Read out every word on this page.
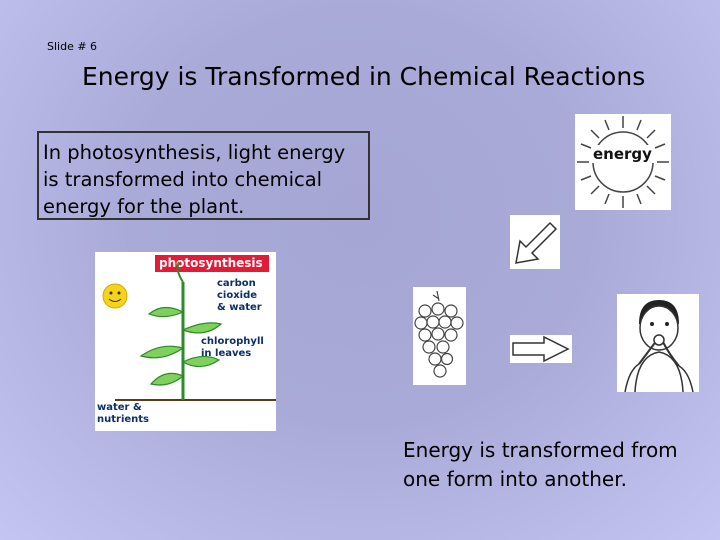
Slide # 6
Energy is Transformed in Chemical Reactions
In photosynthesis, light energy is transformed into chemical energy for the plant.
energy
photosynthesis
carbon
cioxide
& water
chlorophyll
in leaves
water &
nutrients
Energy is transformed from one form into another.
